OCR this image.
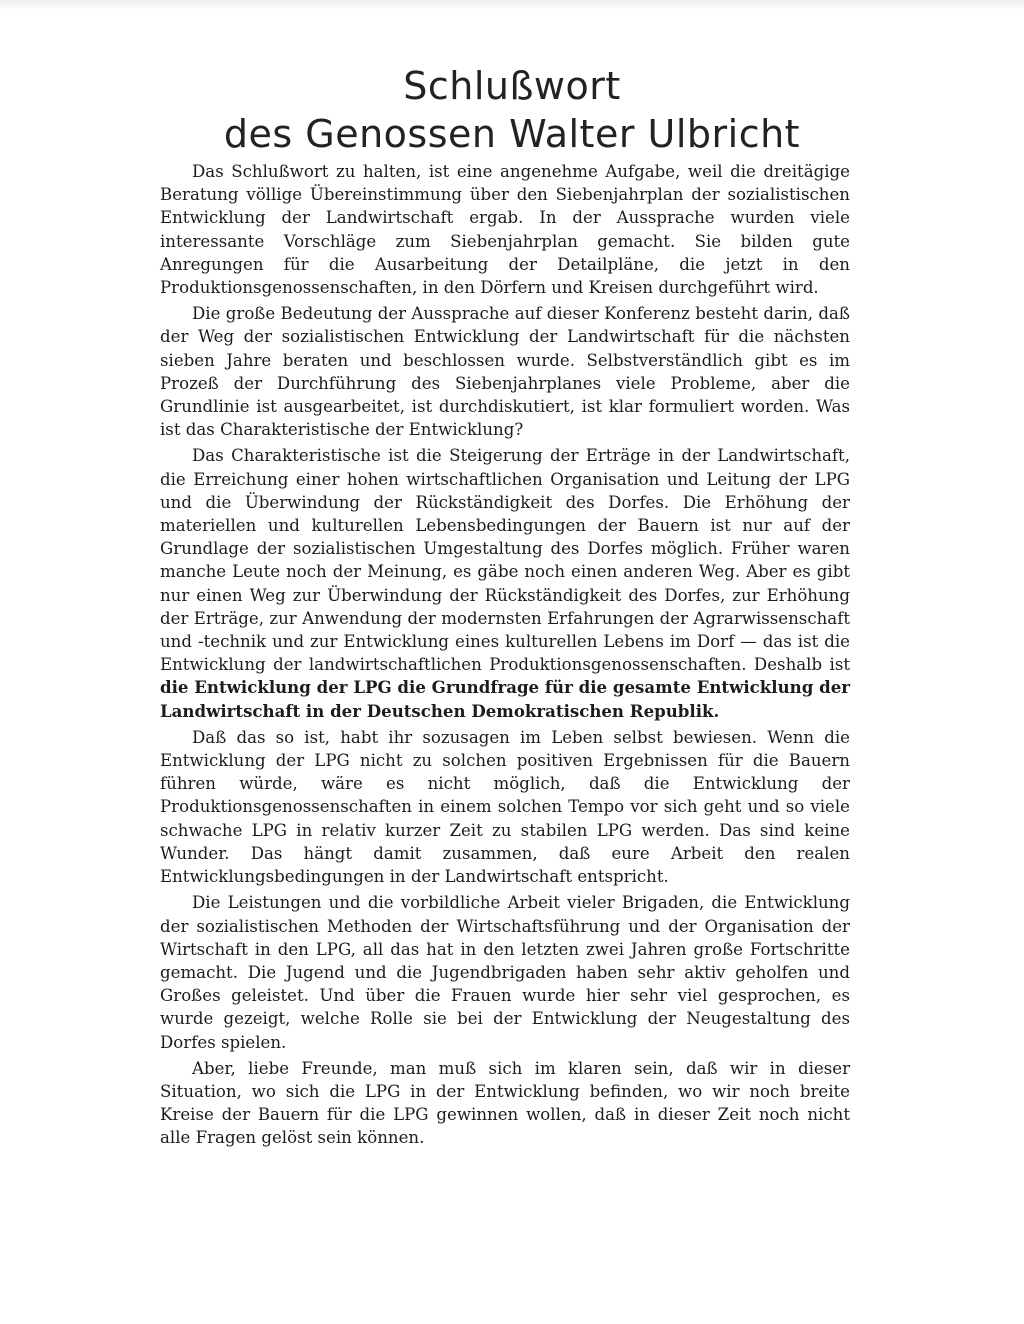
Schlußwort
des Genossen Walter Ulbricht

Das Schlußwort zu halten, ist eine angenehme Aufgabe, weil die dreitägige Beratung völlige Übereinstimmung über den Siebenjahrplan der sozialistischen Entwicklung der Landwirtschaft ergab. In der Aussprache wurden viele interessante Vorschläge zum Siebenjahrplan gemacht. Sie bilden gute Anregungen für die Ausarbeitung der Detailpläne, die jetzt in den Produktionsgenossenschaften, in den Dörfern und Kreisen durchgeführt wird.

Die große Bedeutung der Aussprache auf dieser Konferenz besteht darin, daß der Weg der sozialistischen Entwicklung der Landwirtschaft für die nächsten sieben Jahre beraten und beschlossen wurde. Selbstverständlich gibt es im Prozeß der Durchführung des Siebenjahrplanes viele Probleme, aber die Grundlinie ist ausgearbeitet, ist durchdiskutiert, ist klar formuliert worden. Was ist das Charakteristische der Entwicklung?

Das Charakteristische ist die Steigerung der Erträge in der Landwirtschaft, die Erreichung einer hohen wirtschaftlichen Organisation und Leitung der LPG und die Überwindung der Rückständigkeit des Dorfes. Die Erhöhung der materiellen und kulturellen Lebensbedingungen der Bauern ist nur auf der Grundlage der sozialistischen Umgestaltung des Dorfes möglich. Früher waren manche Leute noch der Meinung, es gäbe noch einen anderen Weg. Aber es gibt nur einen Weg zur Überwindung der Rückständigkeit des Dorfes, zur Erhöhung der Erträge, zur Anwendung der modernsten Erfahrungen der Agrarwissenschaft und -technik und zur Entwicklung eines kulturellen Lebens im Dorf — das ist die Entwicklung der landwirtschaftlichen Produktionsgenossenschaften. Deshalb ist die Entwicklung der LPG die Grundfrage für die gesamte Entwicklung der Landwirtschaft in der Deutschen Demokratischen Republik.

Daß das so ist, habt ihr sozusagen im Leben selbst bewiesen. Wenn die Entwicklung der LPG nicht zu solchen positiven Ergebnissen für die Bauern führen würde, wäre es nicht möglich, daß die Entwicklung der Produktionsgenossenschaften in einem solchen Tempo vor sich geht und so viele schwache LPG in relativ kurzer Zeit zu stabilen LPG werden. Das sind keine Wunder. Das hängt damit zusammen, daß eure Arbeit den realen Entwicklungsbedingungen in der Landwirtschaft entspricht.

Die Leistungen und die vorbildliche Arbeit vieler Brigaden, die Entwicklung der sozialistischen Methoden der Wirtschaftsführung und der Organisation der Wirtschaft in den LPG, all das hat in den letzten zwei Jahren große Fortschritte gemacht. Die Jugend und die Jugendbrigaden haben sehr aktiv geholfen und Großes geleistet. Und über die Frauen wurde hier sehr viel gesprochen, es wurde gezeigt, welche Rolle sie bei der Entwicklung der Neugestaltung des Dorfes spielen.

Aber, liebe Freunde, man muß sich im klaren sein, daß wir in dieser Situation, wo sich die LPG in der Entwicklung befinden, wo wir noch breite Kreise der Bauern für die LPG gewinnen wollen, daß in dieser Zeit noch nicht alle Fragen gelöst sein können.
